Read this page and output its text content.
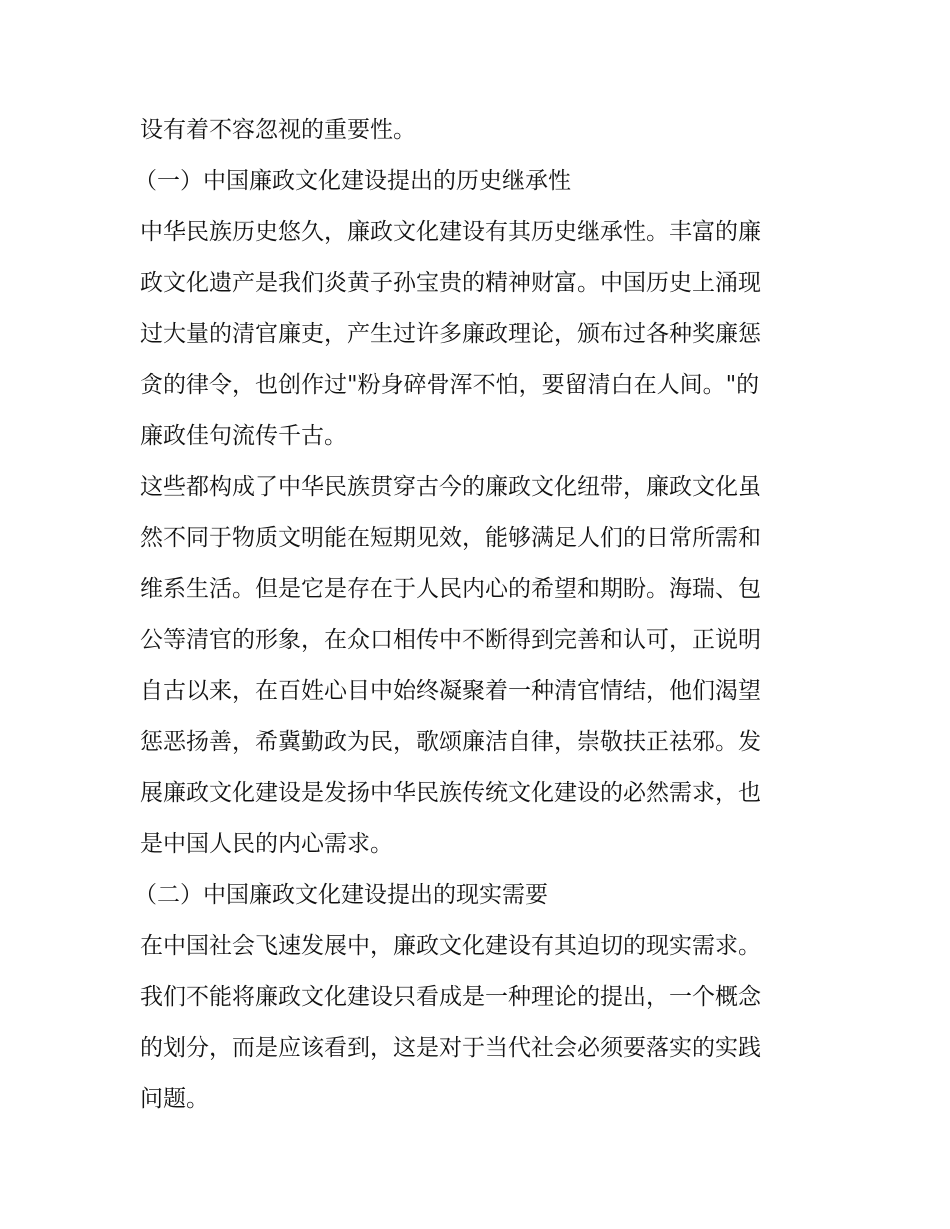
设有着不容忽视的重要性。

（一）中国廉政文化建设提出的历史继承性

中华民族历史悠久，廉政文化建设有其历史继承性。丰富的廉

政文化遗产是我们炎黄子孙宝贵的精神财富。中国历史上涌现

过大量的清官廉吏，产生过许多廉政理论，颁布过各种奖廉惩

贪的律令，也创作过"粉身碎骨浑不怕，要留清白在人间。"的

廉政佳句流传千古。

这些都构成了中华民族贯穿古今的廉政文化纽带，廉政文化虽

然不同于物质文明能在短期见效，能够满足人们的日常所需和

维系生活。但是它是存在于人民内心的希望和期盼。海瑞、包

公等清官的形象，在众口相传中不断得到完善和认可，正说明

自古以来，在百姓心目中始终凝聚着一种清官情结，他们渴望

惩恶扬善，希冀勤政为民，歌颂廉洁自律，崇敬扶正祛邪。发

展廉政文化建设是发扬中华民族传统文化建设的必然需求，也

是中国人民的内心需求。

（二）中国廉政文化建设提出的现实需要

在中国社会飞速发展中，廉政文化建设有其迫切的现实需求。

我们不能将廉政文化建设只看成是一种理论的提出，一个概念

的划分，而是应该看到，这是对于当代社会必须要落实的实践

问题。
